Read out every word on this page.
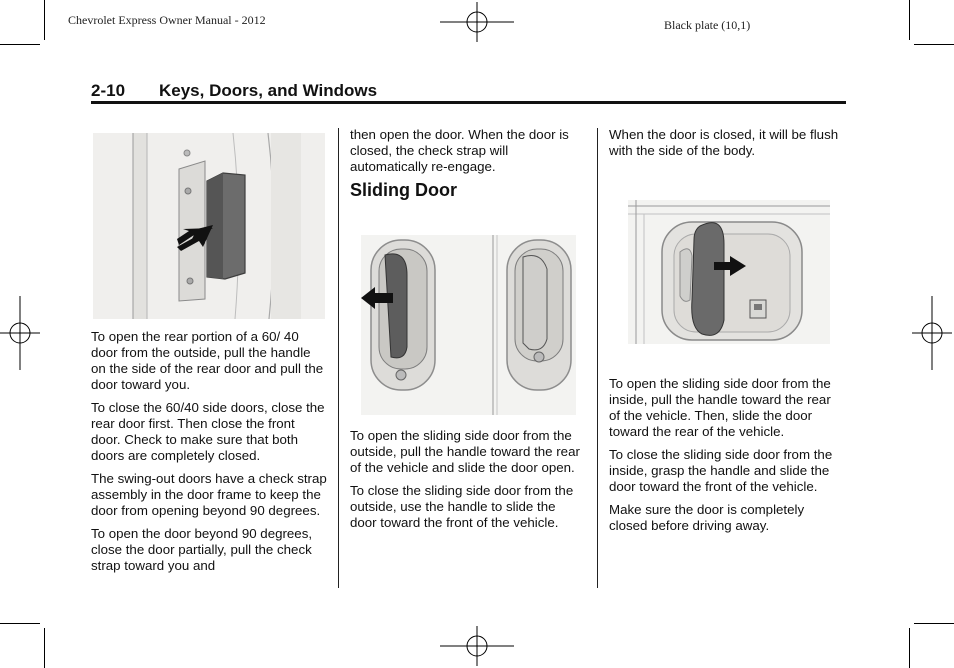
Chevrolet Express Owner Manual - 2012	Black plate (10,1)
2-10 Keys, Doors, and Windows

To open the rear portion of a 60/ 40 door from the outside, pull the handle on the side of the rear door and pull the door toward you.

To close the 60/40 side doors, close the rear door first. Then close the front door. Check to make sure that both doors are completely closed.

The swing-out doors have a check strap assembly in the door frame to keep the door from opening beyond 90 degrees.

To open the door beyond 90 degrees, close the door partially, pull the check strap toward you and

then open the door. When the door is closed, the check strap will automatically re-engage.

Sliding Door

To open the sliding side door from the outside, pull the handle toward the rear of the vehicle and slide the door open.

To close the sliding side door from the outside, use the handle to slide the door toward the front of the vehicle.

When the door is closed, it will be flush with the side of the body.

To open the sliding side door from the inside, pull the handle toward the rear of the vehicle. Then, slide the door toward the rear of the vehicle.

To close the sliding side door from the inside, grasp the handle and slide the door toward the front of the vehicle.

Make sure the door is completely closed before driving away.
